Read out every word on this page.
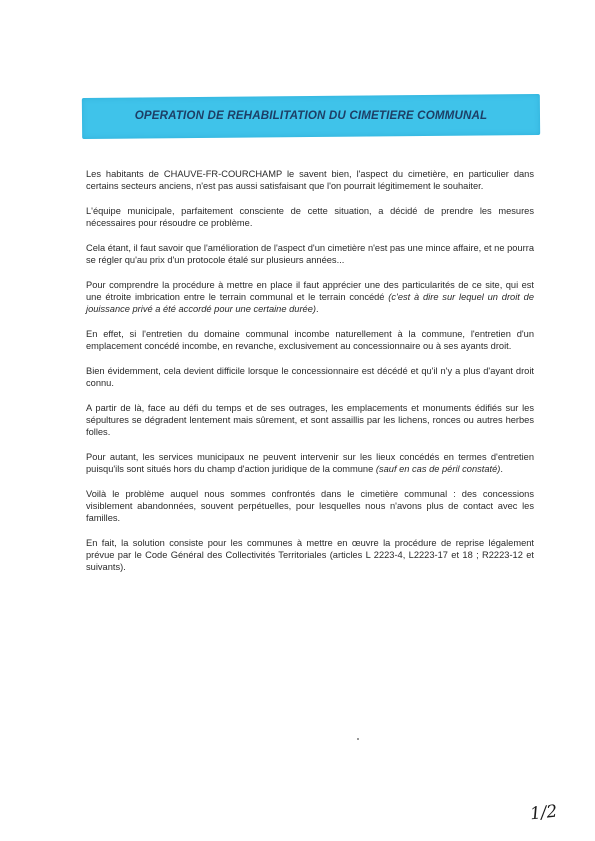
OPERATION DE REHABILITATION DU CIMETIERE COMMUNAL

Les habitants de CHAUVE-FR-COURCHAMP le savent bien, l'aspect du cimetière, en particulier dans certains secteurs anciens, n'est pas aussi satisfaisant que l'on pourrait légitimement le souhaiter.

L'équipe municipale, parfaitement consciente de cette situation, a décidé de prendre les mesures nécessaires pour résoudre ce problème.

Cela étant, il faut savoir que l'amélioration de l'aspect d'un cimetière n'est pas une mince affaire, et ne pourra se régler qu'au prix d'un protocole étalé sur plusieurs années...

Pour comprendre la procédure à mettre en place il faut apprécier une des particularités de ce site, qui est une étroite imbrication entre le terrain communal et le terrain concédé (c'est à dire sur lequel un droit de jouissance privé a été accordé pour une certaine durée).

En effet, si l'entretien du domaine communal incombe naturellement à la commune, l'entretien d'un emplacement concédé incombe, en revanche, exclusivement au concessionnaire ou à ses ayants droit.

Bien évidemment, cela devient difficile lorsque le concessionnaire est décédé et qu'il n'y a plus d'ayant droit connu.

A partir de là, face au défi du temps et de ses outrages, les emplacements et monuments édifiés sur les sépultures se dégradent lentement mais sûrement, et sont assaillis par les lichens, ronces ou autres herbes folles.

Pour autant, les services municipaux ne peuvent intervenir sur les lieux concédés en termes d'entretien puisqu'ils sont situés hors du champ d'action juridique de la commune (sauf en cas de péril constaté).

Voilà le problème auquel nous sommes confrontés dans le cimetière communal : des concessions visiblement abandonnées, souvent perpétuelles, pour lesquelles nous n'avons plus de contact avec les familles.

En fait, la solution consiste pour les communes à mettre en œuvre la procédure de reprise légalement prévue par le Code Général des Collectivités Territoriales (articles L 2223-4, L2223-17 et 18 ; R2223-12 et suivants).

1/2
